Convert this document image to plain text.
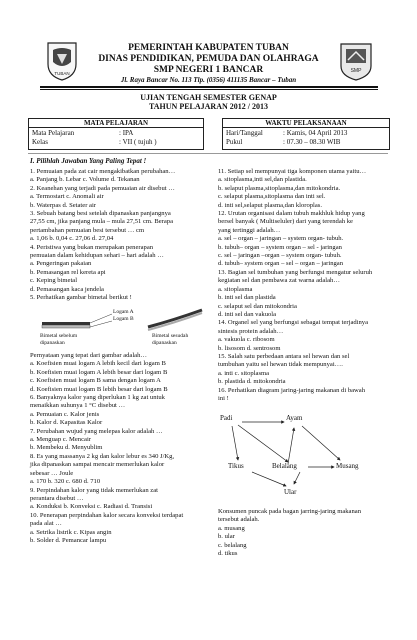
TUBAN	SMP
PEMERINTAH KABUPATEN TUBAN
DINAS PENDIDIKAN, PEMUDA DAN OLAHRAGA
SMP NEGERI 1 BANCAR
Jl. Raya Bancar No. 113 Tlp. (0356) 411135 Bancar – Tuban
UJIAN TENGAH SEMESTER GENAP
TAHUN PELAJARAN 2012 / 2013
MATA PELAJARAN
Mata Pelajaran	: IPA
Kelas	: VII ( tujuh )
WAKTU PELAKSANAAN
Hari/Tanggal	: Kamis, 04 April 2013
Pukul	: 07.30 – 08.30 WIB
I. Pilihlah Jawaban Yang Paling Tepat !
1. Pemuaian pada zat cair mengakibatkan perubahan…
a. Panjang b. Lebar c. Volume d. Tekanan
2. Keanehan yang terjadi pada pemuaian air disebut …
a. Termostart c. Anomali air
b. Waterpas d. Setater air
3. Sebuah batang besi setelah dipanaskan panjangnya
27,55 cm, jika panjang mula – mula 27,51 cm. Berapa
pertambahan pemuaian besi tersebut … cm
a. 1,06 b. 0,04 c. 27,06 d. 27,04
4. Peristiwa yang bukan merupakan penerapan
pemuaian dalam kehidupan sehari – hari adalah …
a. Pengeringan pakaian
b. Pemasangan rel kereta api
c. Keping bimetal
d. Pemasangan kaca jendela
5. Perhatikan gambar bimetal berikut !
Logam A
Logam B
Bimetal sebelum dipanaskan
Bimetal sesudah dipanaskan
Pernyataan yang tepat dari gambar adalah…
a. Koefisien muai logam A lebih kecil dari logam B
b. Koefisien muai logam A lebih besar dari logam B
c. Koefisien muai logam B sama dengan logam A
d. Koefisien muai logam B lebih besar dari logam B
6. Banyaknya kalor yang diperlukan 1 kg zat untuk
menaikkan suhunya 1 °C disebut …
a. Pemuaian c. Kalor jenis
b. Kalor d. Kapasitas Kalor
7. Perubahan wujud yang melepas kalor adalah …
a. Menguap c. Mencair
b. Membeku d. Menyublim
8. Es yang massanya 2 kg dan kalor lebur es 340 J/Kg,
jika dipanaskan sampai mencair memerlukan kalor
sebesar … Joule
a. 170 b. 320 c. 680 d. 710
9. Perpindahan kalor yang tidak memerlukan zat
perantara disebut …
a. Konduksi b. Konveksi c. Radiasi d. Transisi
10. Penerapan perpindahan kalor secara konveksi terdapat
pada alat …
a. Setrika listrik c. Kipas angin
b. Solder d. Pemancar lampu
11. Setiap sel mempunyai tiga komponen utama yaitu…
a. sitoplasma,inti sel,dan plastida.
b. selaput plasma,sitoplasma,dan mitokondria.
c. selaput plasma,sitoplasma dan inti sel.
d. inti sel,selaput plasma,dan kloroplas.
12. Urutan organisasi dalam tubuh makhluk hidup yang
bersel banyak ( Multiseluler) dari yang terendah ke
yang tertinggi adalah…
a. sel – organ – jaringan – system organ- tubuh.
b. tubuh– organ – system organ – sel - jaringan
c. sel – jaringan –organ – system organ- tubuh.
d. tubuh– system organ – sel – organ – jaringan
13. Bagian sel tumbuhan yang berfungsi mengatur seluruh
kegiatan sel dan pembawa zat warna adalah…
a. sitoplasma
b. inti sel dan plastida
c. selaput sel dan mitokondria
d. inti sel dan vakuola
14. Organel sel yang berfungsi sebagai tempat terjadinya
sintesis protein adalah…
a. vakuola c. ribosom
b. lisosom d. sentrosom
15. Salah satu perbedaan antara sel hewan dan sel
tumbuhan yaitu sel hewan tidak mempunyai….
a. inti c. sitoplasma
b. plastida d. mitokondria
16. Perhatikan diagram jaring-jaring makanan di bawah
ini !
Padi	Ayam
Tikus	Belalang	Musang
Ular
Konsumen puncak pada bagan jarring-jaring makanan
tersebut adalah.
a. musang
b. ular
c. belalang
d. tikus
